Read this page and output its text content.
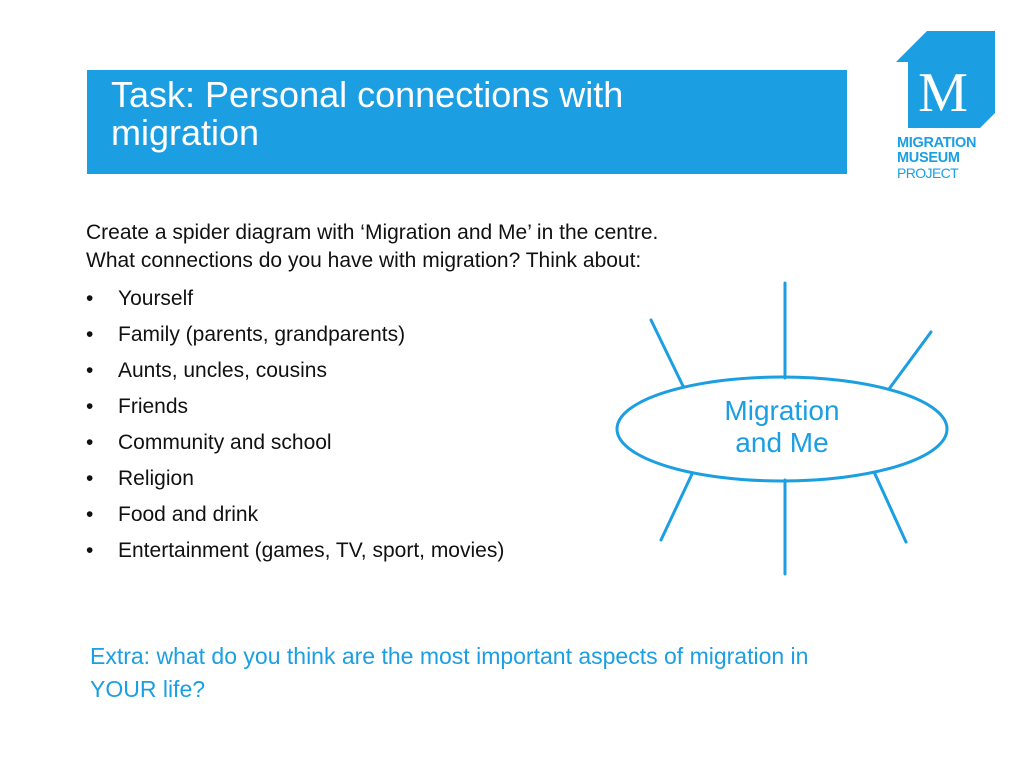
Task: Personal connections with migration
M
MIGRATION
MUSEUM
PROJECT

Create a spider diagram with ‘Migration and Me’ in the centre. What connections do you have with migration? Think about:

• Yourself
• Family (parents, grandparents)
• Aunts, uncles, cousins
• Friends
• Community and school
• Religion
• Food and drink
• Entertainment (games, TV, sport, movies)
Migration
and Me
Extra: what do you think are the most important aspects of migration in YOUR life?
